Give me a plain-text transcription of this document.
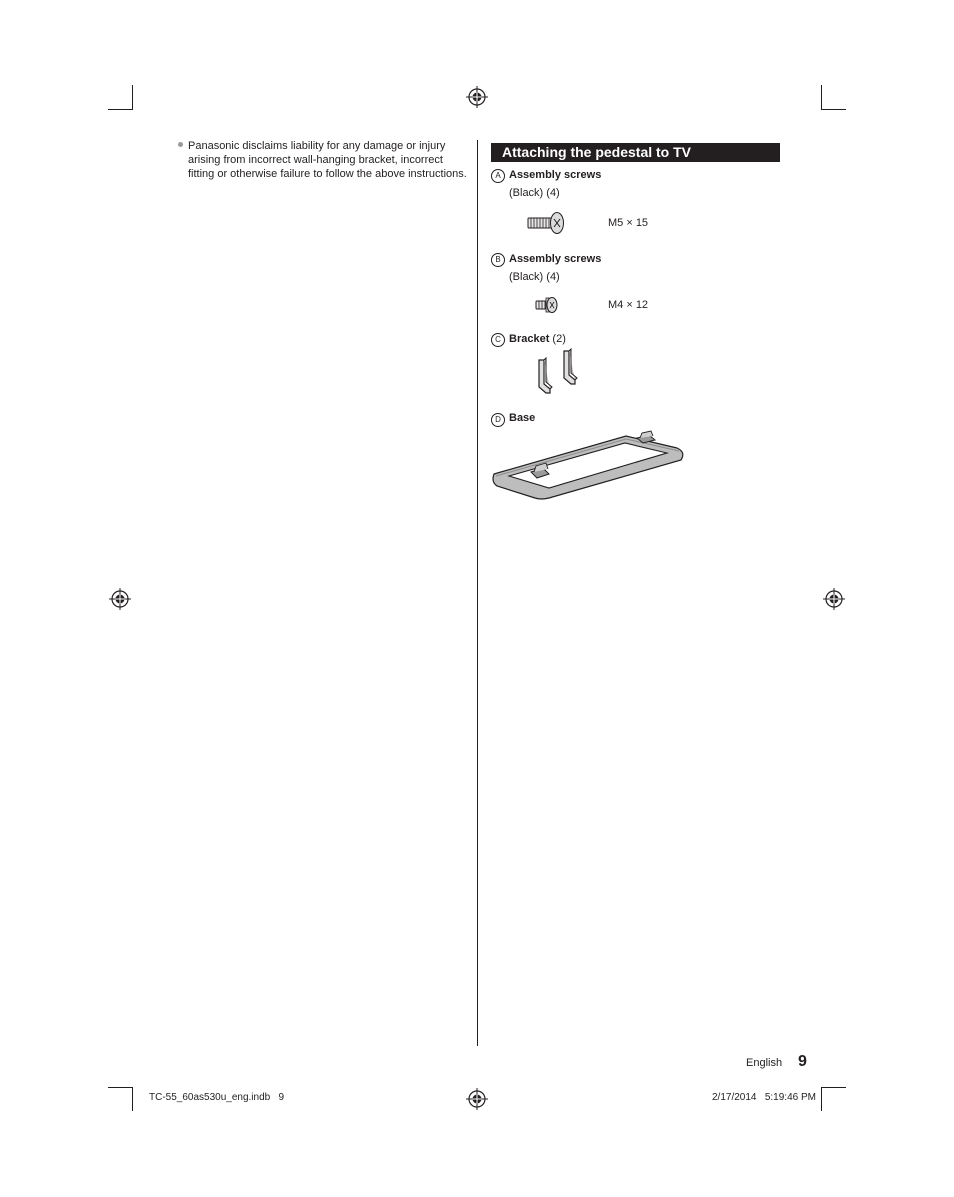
Panasonic disclaims liability for any damage or injury arising from incorrect wall-hanging bracket, incorrect fitting or otherwise failure to follow the above instructions.
Attaching the pedestal to TV
A Assembly screws
(Black) (4)
M5 × 15
B Assembly screws
(Black) (4)
M4 × 12
C Bracket (2)
D Base
English 9
TC-55_60as530u_eng.indb   9	2/17/2014   5:19:46 PM
